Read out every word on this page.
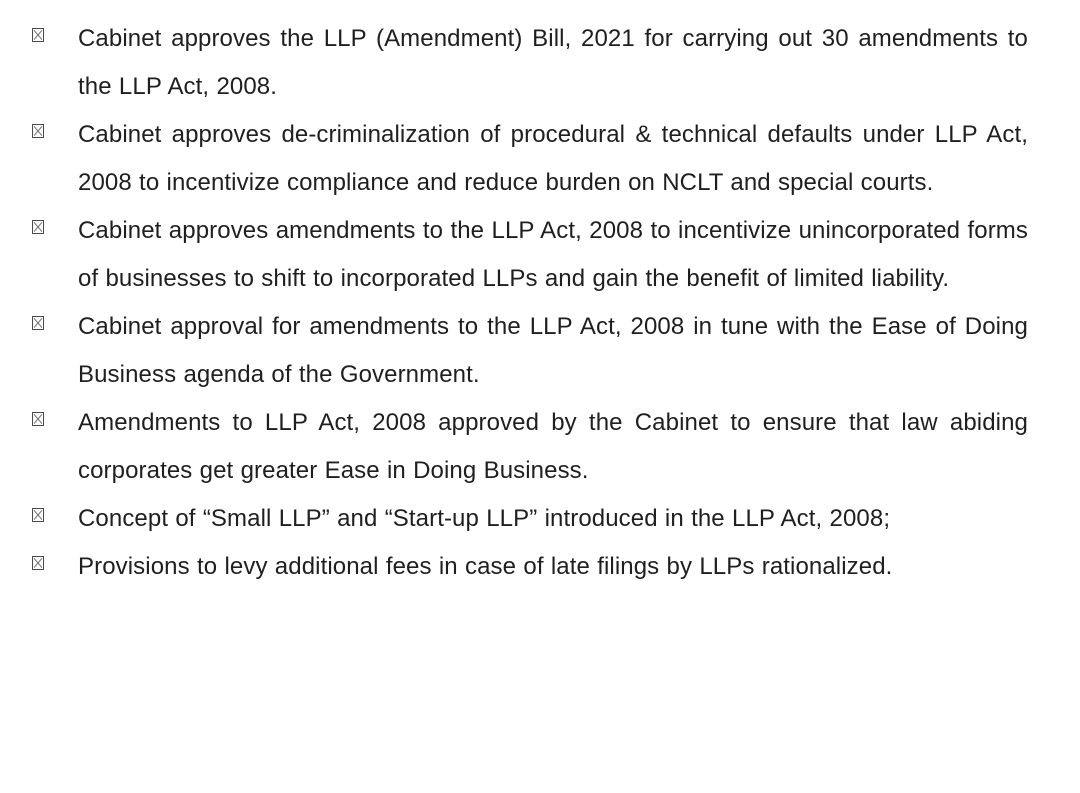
Cabinet approves the LLP (Amendment) Bill, 2021 for carrying out 30 amendments to the LLP Act, 2008.

Cabinet approves de-criminalization of procedural & technical defaults under LLP Act, 2008 to incentivize compliance and reduce burden on NCLT and special courts.

Cabinet approves amendments to the LLP Act, 2008 to incentivize unincorporated forms of businesses to shift to incorporated LLPs and gain the benefit of limited liability.

Cabinet approval for amendments to the LLP Act, 2008 in tune with the Ease of Doing Business agenda of the Government.

Amendments to LLP Act, 2008 approved by the Cabinet to ensure that law abiding corporates get greater Ease in Doing Business.

Concept of “Small LLP” and “Start-up LLP” introduced in the LLP Act, 2008;

Provisions to levy additional fees in case of late filings by LLPs rationalized.
